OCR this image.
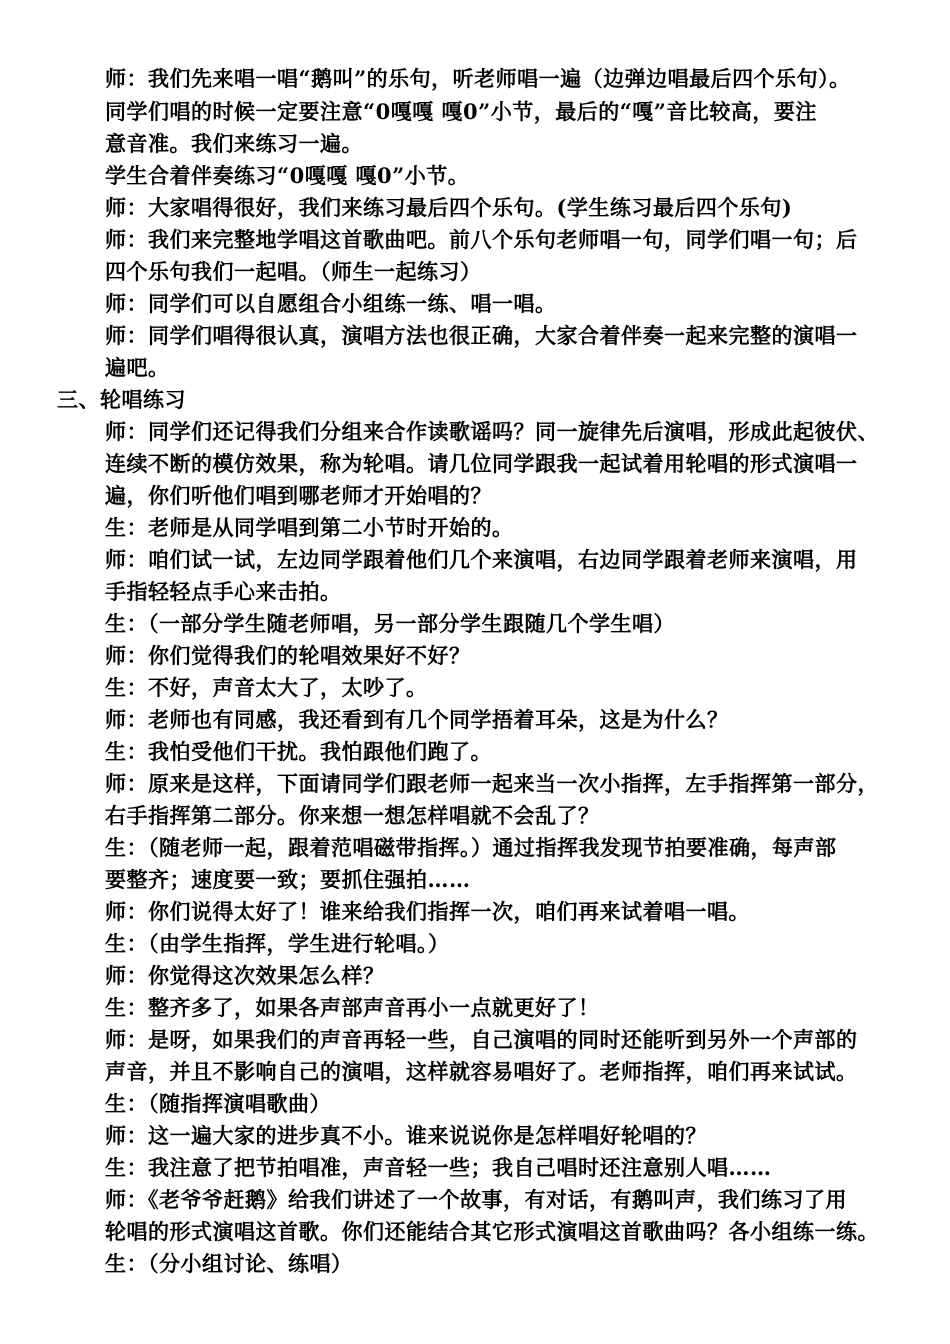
师：我们先来唱一唱“鹅叫”的乐句，听老师唱一遍（边弹边唱最后四个乐句）。
同学们唱的时候一定要注意“0嘎嘎 嘎0”小节，最后的“嘎”音比较高，要注
意音准。我们来练习一遍。
学生合着伴奏练习“0嘎嘎 嘎0”小节。
师：大家唱得很好，我们来练习最后四个乐句。(学生练习最后四个乐句)
师：我们来完整地学唱这首歌曲吧。前八个乐句老师唱一句，同学们唱一句；后
四个乐句我们一起唱。（师生一起练习）
师：同学们可以自愿组合小组练一练、唱一唱。
师：同学们唱得很认真，演唱方法也很正确，大家合着伴奏一起来完整的演唱一
遍吧。
三、轮唱练习
师：同学们还记得我们分组来合作读歌谣吗？同一旋律先后演唱，形成此起彼伏、
连续不断的模仿效果，称为轮唱。请几位同学跟我一起试着用轮唱的形式演唱一
遍，你们听他们唱到哪老师才开始唱的？
生：老师是从同学唱到第二小节时开始的。
师：咱们试一试，左边同学跟着他们几个来演唱，右边同学跟着老师来演唱，用
手指轻轻点手心来击拍。
生：（一部分学生随老师唱，另一部分学生跟随几个学生唱）
师：你们觉得我们的轮唱效果好不好？
生：不好，声音太大了，太吵了。
师：老师也有同感，我还看到有几个同学捂着耳朵，这是为什么？
生：我怕受他们干扰。我怕跟他们跑了。
师：原来是这样，下面请同学们跟老师一起来当一次小指挥，左手指挥第一部分，
右手指挥第二部分。你来想一想怎样唱就不会乱了？
生：（随老师一起，跟着范唱磁带指挥。）通过指挥我发现节拍要准确，每声部
要整齐；速度要一致；要抓住强拍……
师：你们说得太好了！谁来给我们指挥一次，咱们再来试着唱一唱。
生：（由学生指挥，学生进行轮唱。）
师：你觉得这次效果怎么样？
生：整齐多了，如果各声部声音再小一点就更好了！
师：是呀，如果我们的声音再轻一些，自己演唱的同时还能听到另外一个声部的
声音，并且不影响自己的演唱，这样就容易唱好了。老师指挥，咱们再来试试。
生：（随指挥演唱歌曲）
师：这一遍大家的进步真不小。谁来说说你是怎样唱好轮唱的？
生：我注意了把节拍唱准，声音轻一些；我自己唱时还注意别人唱……
师：《老爷爷赶鹅》给我们讲述了一个故事，有对话，有鹅叫声，我们练习了用
轮唱的形式演唱这首歌。你们还能结合其它形式演唱这首歌曲吗？各小组练一练。
生：（分小组讨论、练唱）
